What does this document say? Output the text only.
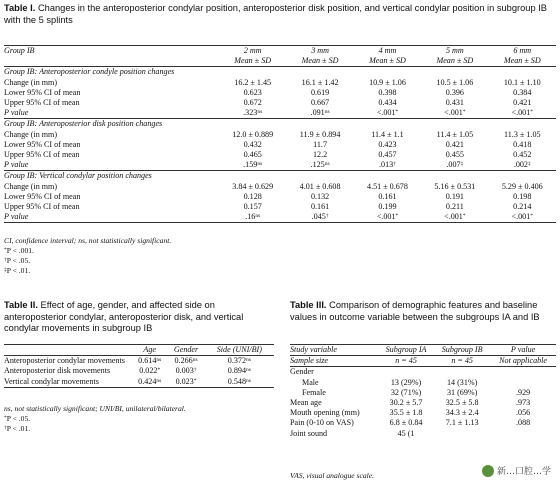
Table I. Changes in the anteroposterior condylar position, anteroposterior disk position, and vertical condylar position in subgroup IB with the 5 splints
Group IB	2 mm	3 mm	4 mm	5 mm	6 mm
	Mean ± SD	Mean ± SD	Mean ± SD	Mean ± SD	Mean ± SD
Group IB: Anteroposterior condyle position changes					
Change (in mm)	16.2 ± 1.45	16.1 ± 1.42	10.9 ± 1.06	10.5 ± 1.06	10.1 ± 1.10
Lower 95% CI of mean	0.623	0.619	0.398	0.396	0.384
Upper 95% CI of mean	0.672	0.667	0.434	0.431	0.421
P value	$.323^{ns}$	$.091^{ns}$	<.001*	<.001*	<.001*
Group IB: Anteroposterior disk position changes					
Change (in mm)	12.0 ± 0.889	11.9 ± 0.894	11.4 ± 1.1	11.4 ± 1.05	11.3 ± 1.05
Lower 95% CI of mean	0.432	11.7	0.423	0.421	0.418
Upper 95% CI of mean	0.465	12.2	0.457	0.455	0.452
P value	$.159^{ns}$	$.125^{ns}$	.013†	.007‡	.002‡
Group IB: Vertical condylar position changes					
Change (in mm)	3.84 ± 0.629	4.01 ± 0.608	4.51 ± 0.678	5.16 ± 0.531	5.29 ± 0.406
Lower 95% CI of mean	0.128	0.132	0.161	0.191	0.198
Upper 95% CI of mean	0.157	0.161	0.199	0.211	0.214
P value	$.16^{ns}$	.045†	<.001*	<.001*	<.001*
CI, confidence interval; ns, not statistically significant.
*P < .001.
†P < .05.
‡P < .01.
Table II. Effect of age, gender, and affected side on anteroposterior condylar, anteroposterior disk, and vertical condylar movements in subgroup IB
	Age	Gender	Side (UNI/BI)
Anteroposterior condylar movements	$0.614^{ns}$	$0.266^{ns}$	$0.372^{ns}$
Anteroposterior disk movements	0.022*	0.003†	$0.894^{ns}$
Vertical condylar movements	$0.424^{ns}$	0.023*	$0.548^{ns}$
ns, not statistically significant; UNI/BI, unilateral/bilateral.
*P < .05.
†P < .01.
Table III. Comparison of demographic features and baseline values in outcome variable between the subgroups IA and IB
Study variable	Subgroup IA	Subgroup IB	P value
Sample size	n = 45	n = 45	Not applicable
Gender			
Male	13 (29%)	14 (31%)	
Female	32 (71%)	31 (69%)	.929
Mean age	30.2 ± 5.7	32.5 ± 5.8	.973
Mouth opening (mm)	35.5 ± 1.8	34.3 ± 2.4	.056
Pain (0-10 on VAS)	6.8 ± 0.84	7.1 ± 1.13	.088
Joint sound	45 (1		
VAS, visual analogue scale.	新…口腔…学
